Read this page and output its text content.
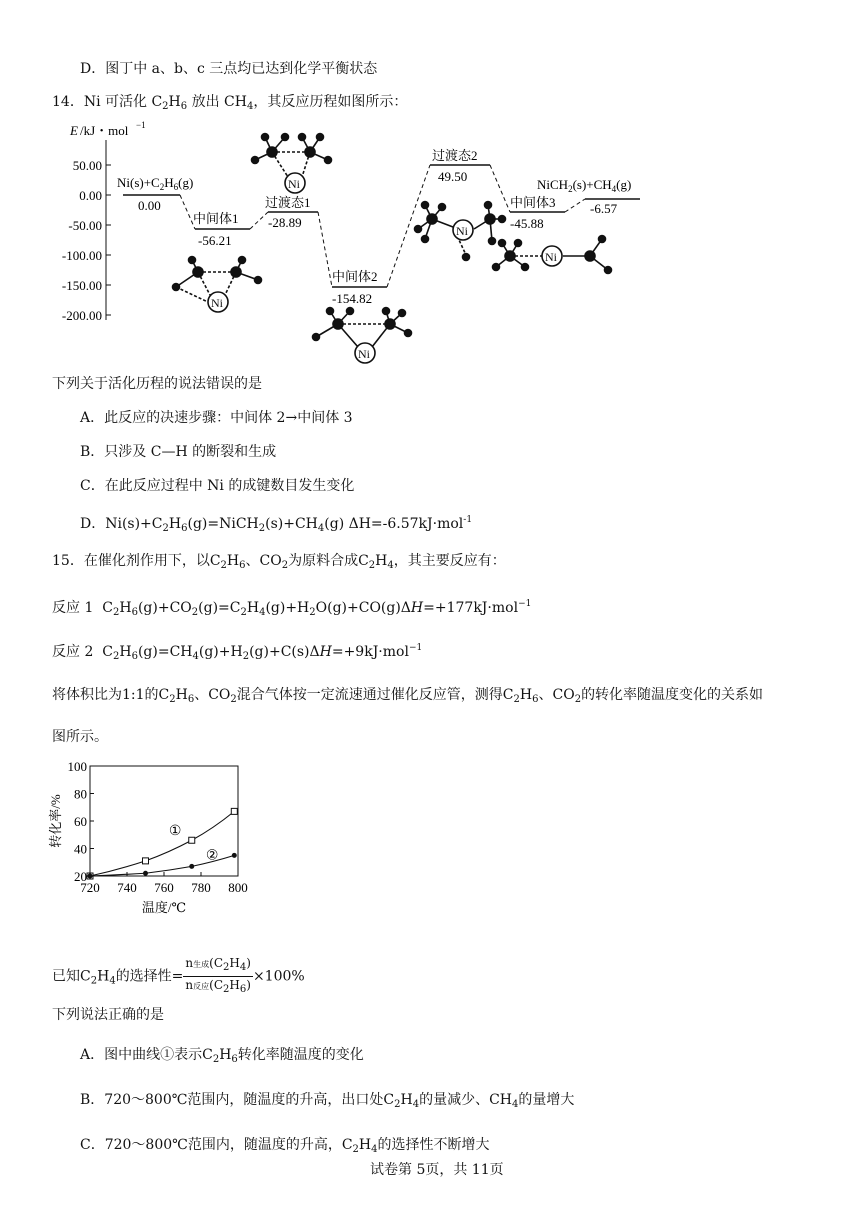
D．图丁中 a、b、c 三点均已达到化学平衡状态
14．Ni 可活化 $C_2H_6$ 放出 $CH_4$，其反应历程如图所示：
E /kJ・mol −1
50.00
0.00
-50.00
-100.00
-150.00
-200.00
$Ni(s)+C_2H_6(g)$
0.00
中间体1
-56.21
过渡态1
-28.89
中间体2
-154.82
过渡态2
49.50
中间体3
-45.88
$NiCH_2(s)+CH_4(g)$
-6.57
Ni
Ni
Ni
Ni
Ni
下列关于活化历程的说法错误的是
A．此反应的决速步骤：中间体 2→中间体 3
B．只涉及 C—H 的断裂和生成
C．在此反应过程中 Ni 的成键数目发生变化
D．$Ni(s)+C_2H_6(g)=NiCH_2(s)+CH_4(g)$ ΔH=-6.57kJ·mol$^{-1}$
15．在催化剂作用下，以$C_2H_6$、$CO_2$为原料合成$C_2H_4$，其主要反应有：
反应 1  $C_2H_6(g)+CO_2(g)=C_2H_4(g)+H_2O(g)+CO(g)\Delta H=+177kJ\cdot mol^{-1}$
反应 2  $C_2H_6(g)=CH_4(g)+H_2(g)+C(s)\Delta H=+9kJ\cdot mol^{-1}$
将体积比为1:1的$C_2H_6$、$CO_2$混合气体按一定流速通过催化反应管，测得$C_2H_6$、$CO_2$的转化率随温度变化的关系如
图所示。
720 740 760 780 800
20
40
60
80
100
温度/℃
转化率/%	①
②
已知$C_2H_4$的选择性= $\frac{n生成(C_2H_4)}{n反应(C_2H_6)} \times 100\%$
下列说法正确的是
A．图中曲线①表示$C_2H_6$转化率随温度的变化
B．720～800℃范围内，随温度的升高，出口处$C_2H_4$的量减少、$CH_4$的量增大
C．720～800℃范围内，随温度的升高，$C_2H_4$的选择性不断增大
试卷第 5页，共 11页
